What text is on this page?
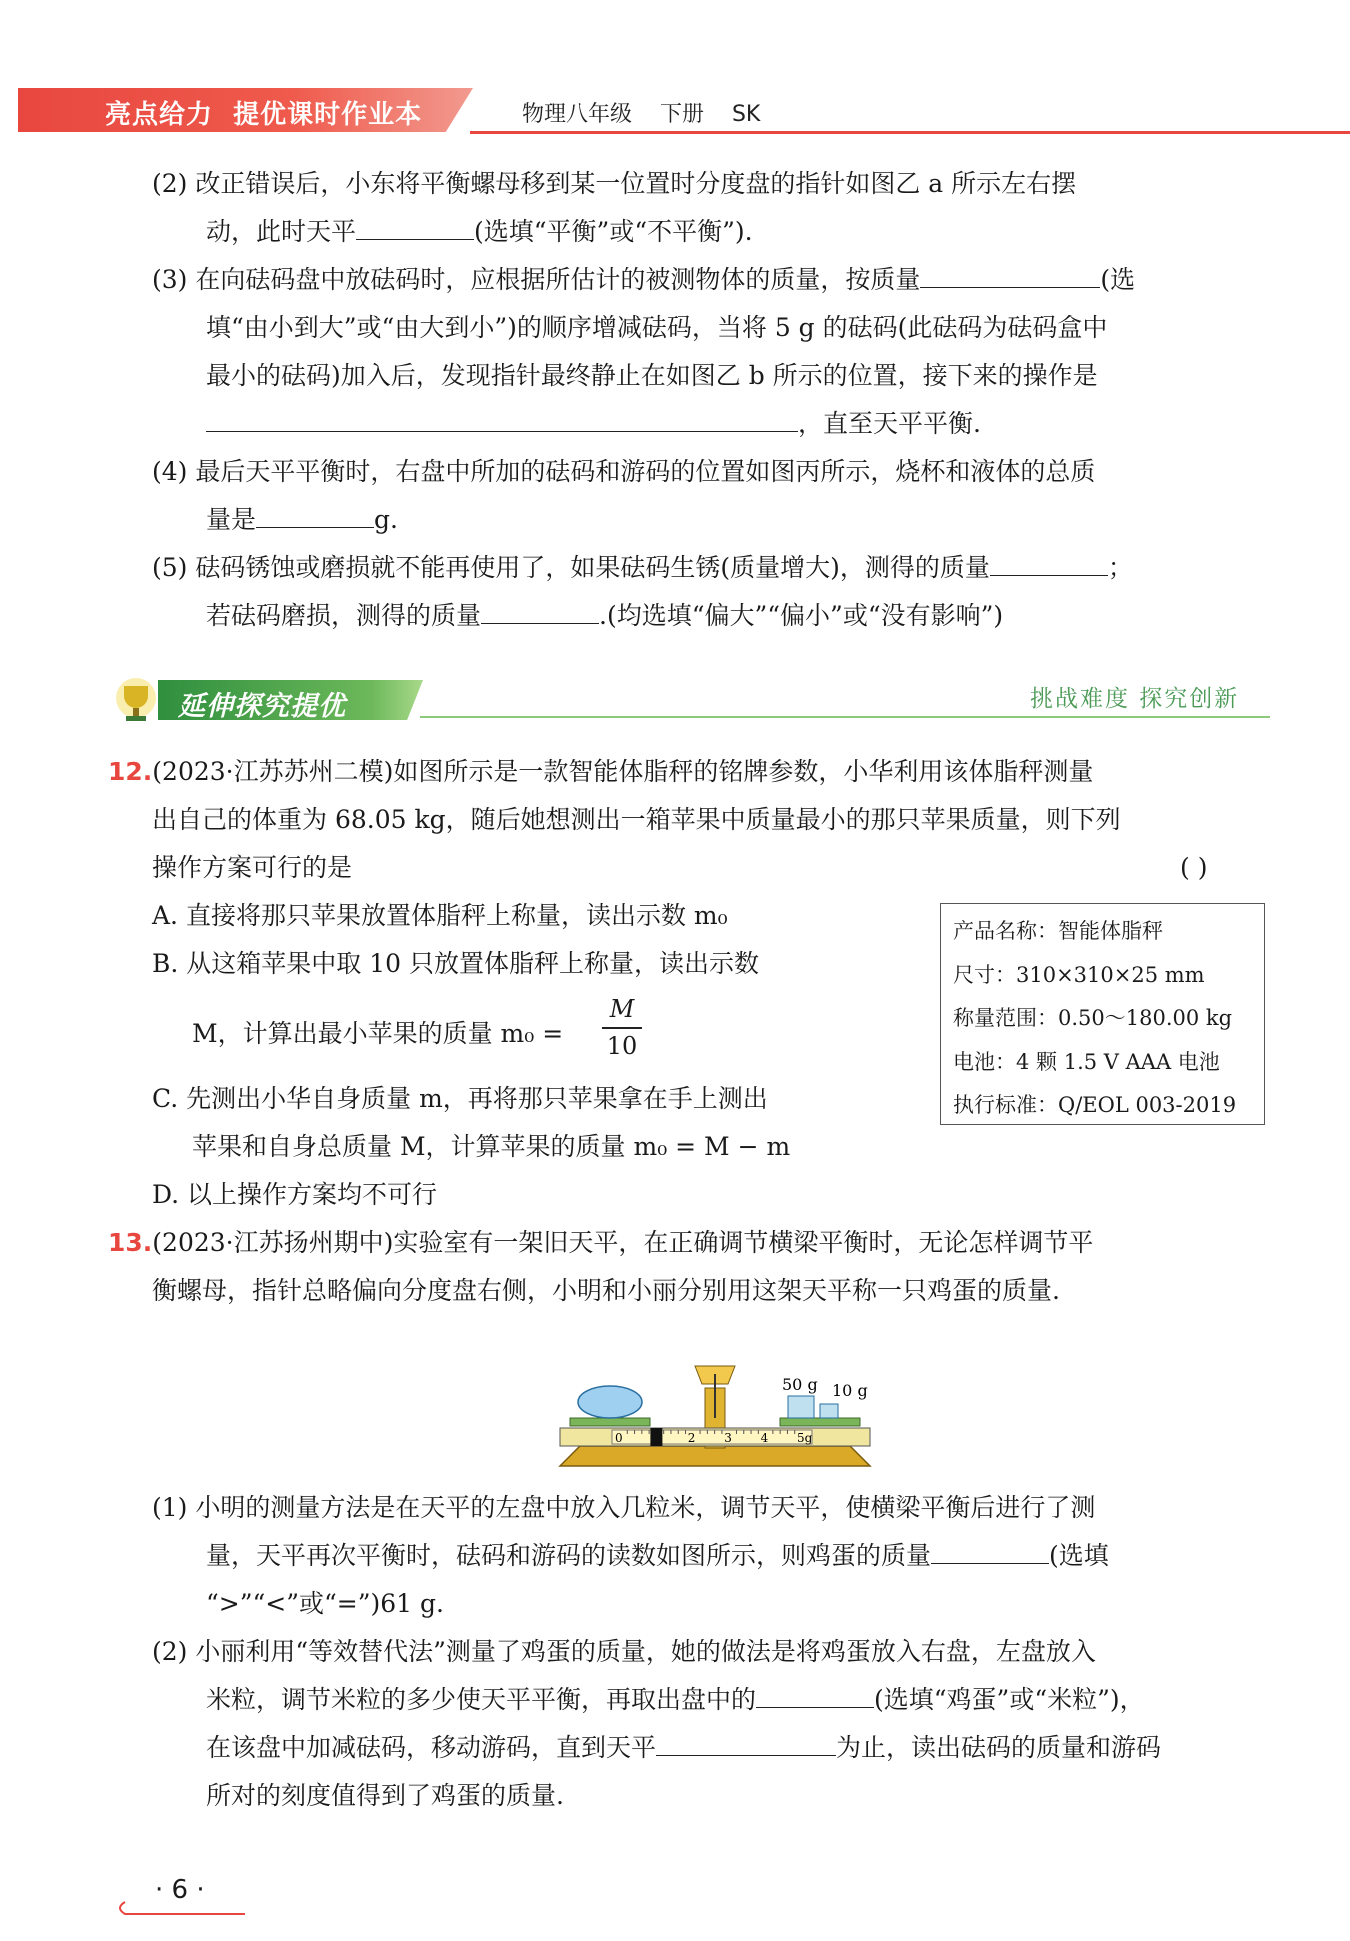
亮点给力  提优课时作业本	物理八年级    下册    SK
(2) 改正错误后，小东将平衡螺母移到某一位置时分度盘的指针如图乙 a 所示左右摆
动，此时天平	(选填“平衡”或“不平衡”).
(3) 在向砝码盘中放砝码时，应根据所估计的被测物体的质量，按质量	(选
填“由小到大”或“由大到小”)的顺序增减砝码，当将 5 g 的砝码(此砝码为砝码盒中
最小的砝码)加入后，发现指针最终静止在如图乙 b 所示的位置，接下来的操作是
，直至天平平衡.
(4) 最后天平平衡时，右盘中所加的砝码和游码的位置如图丙所示，烧杯和液体的总质
量是	g.
(5) 砝码锈蚀或磨损就不能再使用了，如果砝码生锈(质量增大)，测得的质量	；
若砝码磨损，测得的质量	.(均选填“偏大”“偏小”或“没有影响”)
延伸探究提优	挑战难度 探究创新
12.(2023·江苏苏州二模)如图所示是一款智能体脂秤的铭牌参数，小华利用该体脂秤测量
出自己的体重为 68.05 kg，随后她想测出一箱苹果中质量最小的那只苹果质量，则下列
操作方案可行的是	( )
A. 直接将那只苹果放置体脂秤上称量，读出示数 m₀
B. 从这箱苹果中取 10 只放置体脂秤上称量，读出示数
M，计算出最小苹果的质量 m₀ =
M
10
C. 先测出小华自身质量 m，再将那只苹果拿在手上测出
苹果和自身总质量 M，计算苹果的质量 m₀ = M − m
D. 以上操作方案均不可行
产品名称：智能体脂秤
尺寸：310×310×25 mm
称量范围：0.50～180.00 kg
电池：4 颗 1.5 V AAA 电池
执行标准：Q/EOL 003-2019
13.(2023·江苏扬州期中)实验室有一架旧天平，在正确调节横梁平衡时，无论怎样调节平
衡螺母，指针总略偏向分度盘右侧，小明和小丽分别用这架天平称一只鸡蛋的质量.
50 g 10 g
0	2 3 4 5g
(1) 小明的测量方法是在天平的左盘中放入几粒米，调节天平，使横梁平衡后进行了测
量，天平再次平衡时，砝码和游码的读数如图所示，则鸡蛋的质量	(选填
“>”“<”或“=”)61 g.
(2) 小丽利用“等效替代法”测量了鸡蛋的质量，她的做法是将鸡蛋放入右盘，左盘放入
米粒，调节米粒的多少使天平平衡，再取出盘中的	(选填“鸡蛋”或“米粒”)，
在该盘中加减砝码，移动游码，直到天平	为止，读出砝码的质量和游码
所对的刻度值得到了鸡蛋的质量.
· 6 ·
